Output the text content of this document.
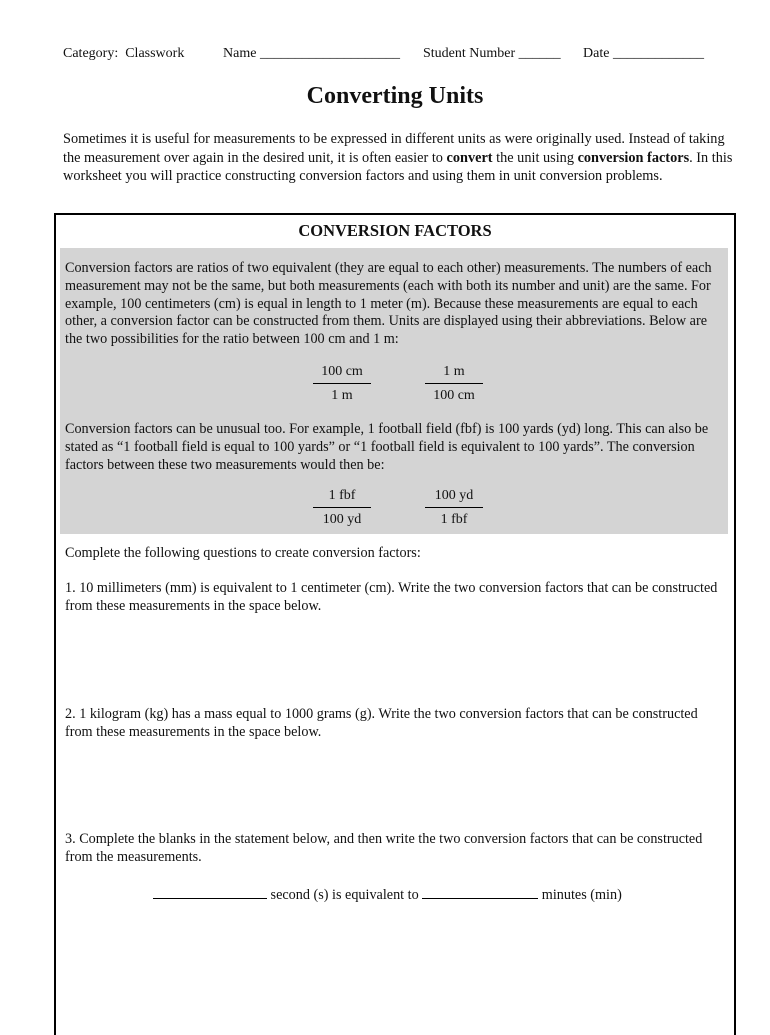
Category: Classwork	Name ____________________ Student Number ______ Date _____________
Converting Units
Sometimes it is useful for measurements to be expressed in different units as were originally used. Instead of taking the measurement over again in the desired unit, it is often easier to convert the unit using conversion factors. In this worksheet you will practice constructing conversion factors and using them in unit conversion problems.
CONVERSION FACTORS
Conversion factors are ratios of two equivalent (they are equal to each other) measurements. The numbers of each measurement may not be the same, but both measurements (each with both its number and unit) are the same. For example, 100 centimeters (cm) is equal in length to 1 meter (m). Because these measurements are equal to each other, a conversion factor can be constructed from them. Units are displayed using their abbreviations. Below are the two possibilities for the ratio between 100 cm and 1 m:
$\frac{100 cm}{1 m}$	$\frac{1 m}{100 cm}$
Conversion factors can be unusual too. For example, 1 football field (fbf) is 100 yards (yd) long. This can also be stated as “1 football field is equal to 100 yards” or “1 football field is equivalent to 100 yards”. The conversion factors between these two measurements would then be:
1 fbf
100 yd
100 yd
1 fbf
Complete the following questions to create conversion factors:
1. 10 millimeters (mm) is equivalent to 1 centimeter (cm). Write the two conversion factors that can be constructed from these measurements in the space below.
2. 1 kilogram (kg) has a mass equal to 1000 grams (g). Write the two conversion factors that can be constructed from these measurements in the space below.
3. Complete the blanks in the statement below, and then write the two conversion factors that can be constructed from the measurements.
second (s) is equivalent to	minutes (min)
